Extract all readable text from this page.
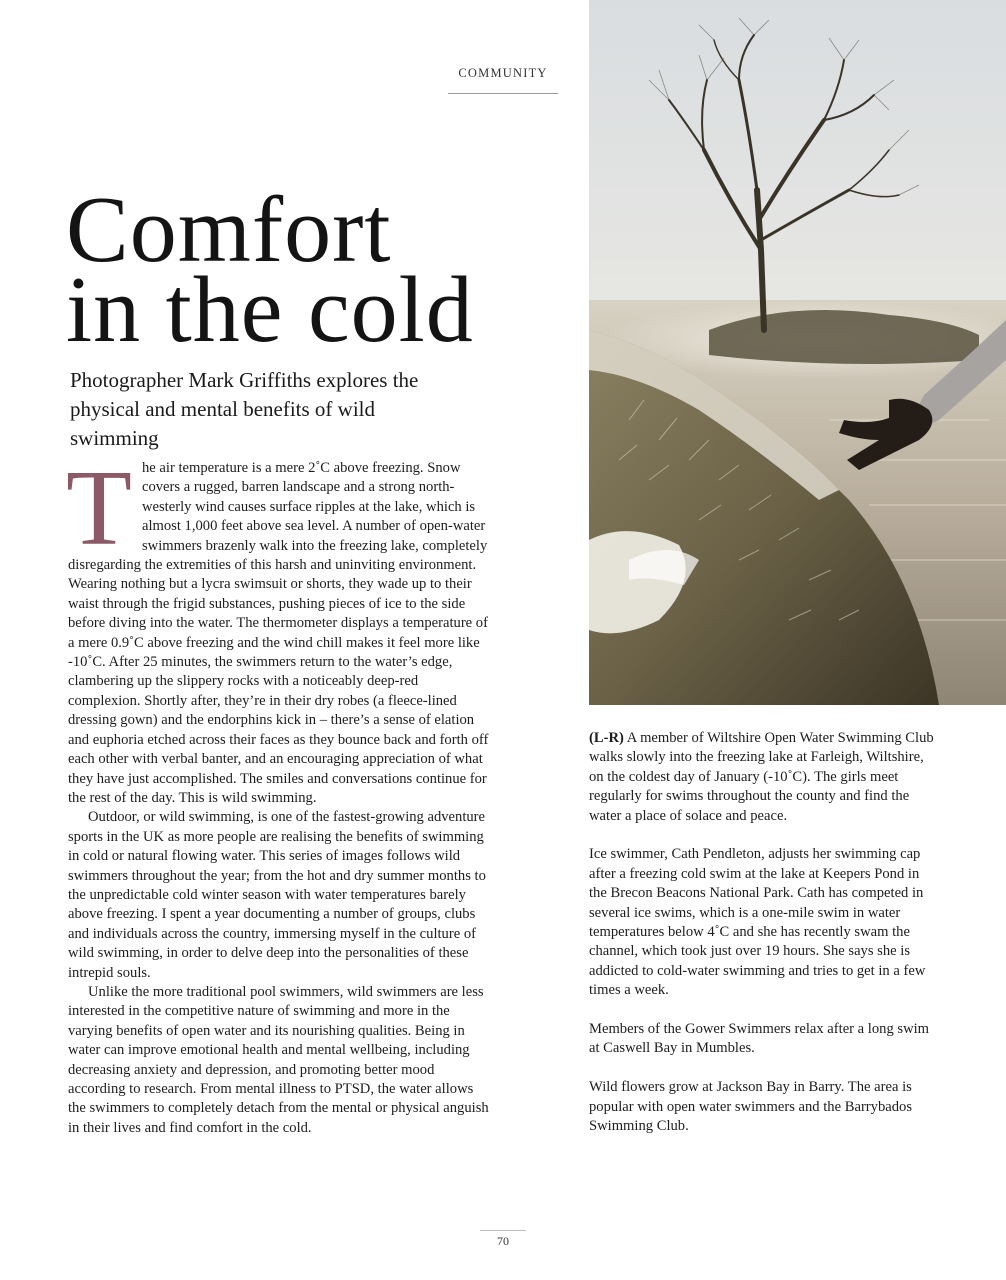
COMMUNITY
Comfort
in the cold

Photographer Mark Griffiths explores the physical and mental benefits of wild swimming

The air temperature is a mere 2˚C above freezing. Snow covers a rugged, barren landscape and a strong north-westerly wind causes surface ripples at the lake, which is almost 1,000 feet above sea level. A number of open-water swimmers brazenly walk into the freezing lake, completely disregarding the extremities of this harsh and uninviting environment. Wearing nothing but a lycra swimsuit or shorts, they wade up to their waist through the frigid substances, pushing pieces of ice to the side before diving into the water. The thermometer displays a temperature of a mere 0.9˚C above freezing and the wind chill makes it feel more like -10˚C. After 25 minutes, the swimmers return to the water’s edge, clambering up the slippery rocks with a noticeably deep-red complexion. Shortly after, they’re in their dry robes (a fleece-lined dressing gown) and the endorphins kick in – there’s a sense of elation and euphoria etched across their faces as they bounce back and forth off each other with verbal banter, and an encouraging appreciation of what they have just accomplished. The smiles and conversations continue for the rest of the day. This is wild swimming.

Outdoor, or wild swimming, is one of the fastest-growing adventure sports in the UK as more people are realising the benefits of swimming in cold or natural flowing water. This series of images follows wild swimmers throughout the year; from the hot and dry summer months to the unpredictable cold winter season with water temperatures barely above freezing. I spent a year documenting a number of groups, clubs and individuals across the country, immersing myself in the culture of wild swimming, in order to delve deep into the personalities of these intrepid souls.

Unlike the more traditional pool swimmers, wild swimmers are less interested in the competitive nature of swimming and more in the varying benefits of open water and its nourishing qualities. Being in water can improve emotional health and mental wellbeing, including decreasing anxiety and depression, and promoting better mood according to research. From mental illness to PTSD, the water allows the swimmers to completely detach from the mental or physical anguish in their lives and find comfort in the cold.

(L-R) A member of Wiltshire Open Water Swimming Club walks slowly into the freezing lake at Farleigh, Wiltshire, on the coldest day of January (-10˚C). The girls meet regularly for swims throughout the county and find the water a place of solace and peace.

Ice swimmer, Cath Pendleton, adjusts her swimming cap after a freezing cold swim at the lake at Keepers Pond in the Brecon Beacons National Park. Cath has competed in several ice swims, which is a one-mile swim in water temperatures below 4˚C and she has recently swam the channel, which took just over 19 hours. She says she is addicted to cold-water swimming and tries to get in a few times a week.

Members of the Gower Swimmers relax after a long swim at Caswell Bay in Mumbles.

Wild flowers grow at Jackson Bay in Barry. The area is popular with open water swimmers and the Barrybados Swimming Club.

70
